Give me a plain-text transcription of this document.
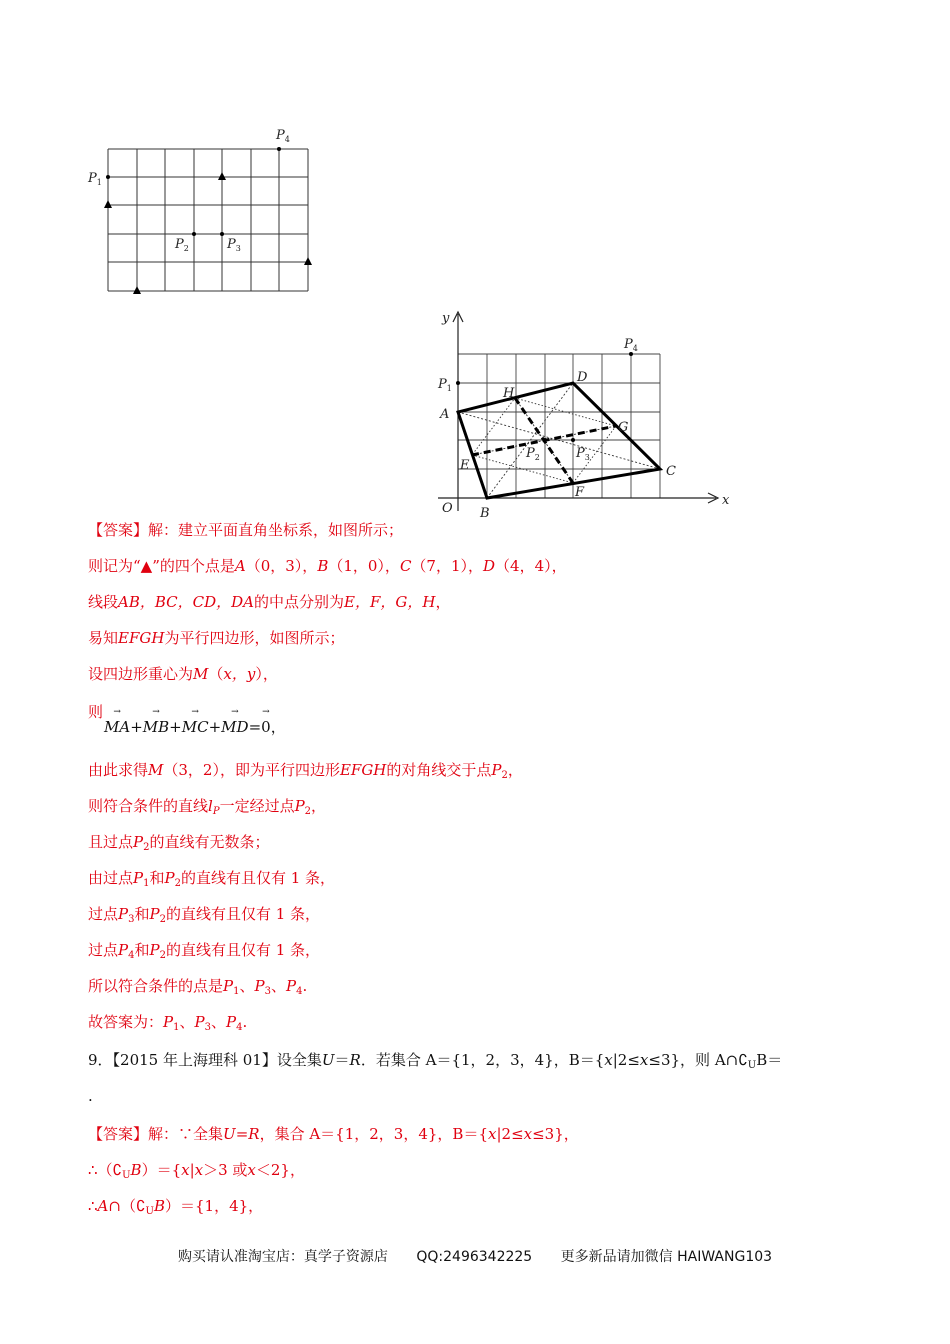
$P_1$
$P_2$	$P_3$
$P_4$
y
x
O
A
B
C
D
E
F
G
H
$P_1$
$P_2$	$P_3$
$P_4$
【答案】解：建立平面直角坐标系，如图所示；
则记为“▲”的四个点是A（0，3），B（1，0），C（7，1），D（4，4），
线段AB，BC，CD，DA的中点分别为E，F，G，H，
易知EFGH为平行四边形，如图所示；
设四边形重心为M（x，y），
则
→ MA+→ MB+→ MC+→ MD=→ 0，
由此求得M（3，2），即为平行四边形EFGH的对角线交于点$P_2$，
则符合条件的直线$l_P$一定经过点$P_2$，
且过点$P_2$的直线有无数条；
由过点$P_1$和$P_2$的直线有且仅有 1 条，
过点$P_3$和$P_2$的直线有且仅有 1 条，
过点$P_4$和$P_2$的直线有且仅有 1 条，
所以符合条件的点是$P_1$、$P_3$、$P_4$.
故答案为：$P_1$、$P_3$、$P_4$.
9．【2015 年上海理科 01】设全集U＝R．若集合 A＝{1，2，3，4}，B＝{x|2≤x≤3}，则 $A\cap∁_UB=$
.
【答案】解：∵全集U=R，集合 A＝{1，2，3，4}，B＝{x|2≤x≤3}，
$\therefore(∁_UB)=\{x|x>3$ 或x＜2}，
$\therefore A\cap(∁_UB)=\{1$，4}，
购买请认准淘宝店：真学子资源店 QQ:2496342225 更多新品请加微信 HAIWANG103
